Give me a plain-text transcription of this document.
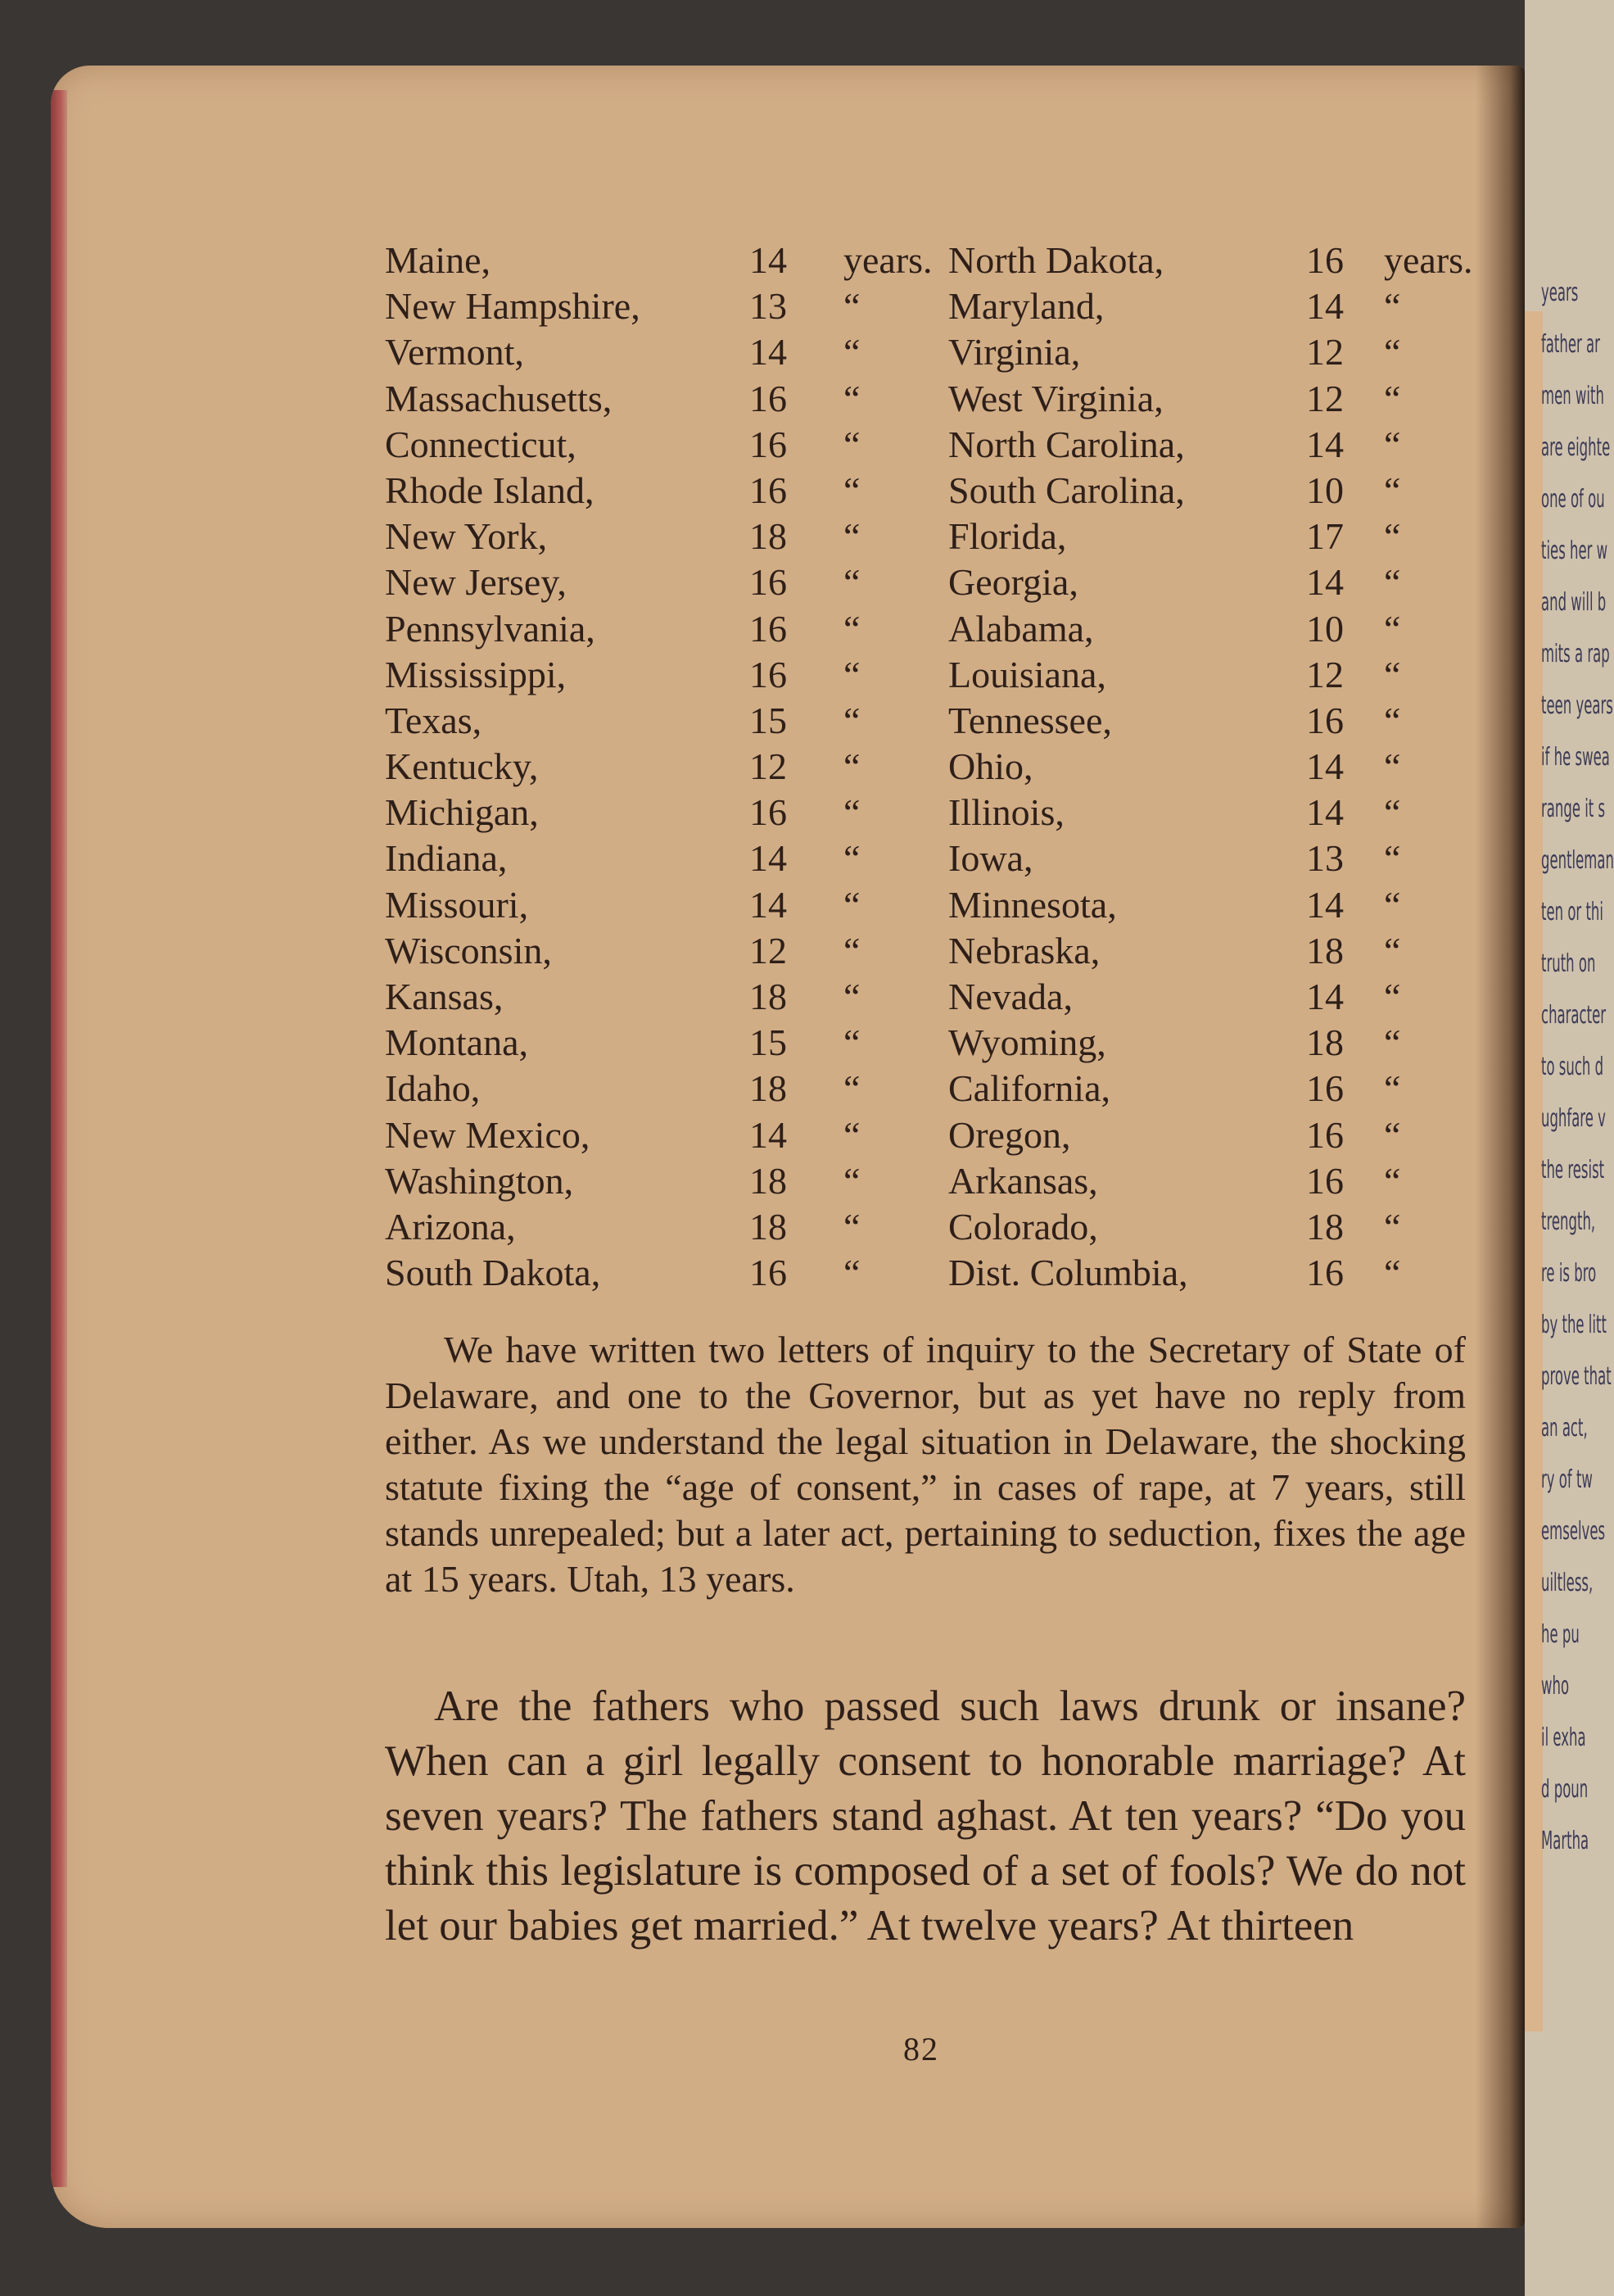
years
father ar
men with
are eighte
one of ou
ties her w
and will b
mits a rap
teen years
if he swea
range it s
gentleman
ten or thi
truth on
character
to such d
ughfare v
the resist
trength,
re is bro
by the litt
prove that
an act,
ry of tw
emselves
uiltless,
he pu
who
il exha
d poun
Martha
Maine,	14 years. North Dakota,	16 years.
New Hampshire,	13 “ Maryland,	14 “
Vermont,	14 “ Virginia,	12 “
Massachusetts,	16 “ West Virginia,	12 “
Connecticut,	16 “ North Carolina,	14 “
Rhode Island,	16 “ South Carolina,	10 “
New York,	18 “ Florida,	17 “
New Jersey,	16 “ Georgia,	14 “
Pennsylvania,	16 “ Alabama,	10 “
Mississippi,	16 “ Louisiana,	12 “
Texas,	15 “ Tennessee,	16 “
Kentucky,	12 “ Ohio,	14 “
Michigan,	16 “ Illinois,	14 “
Indiana,	14 “ Iowa,	13 “
Missouri,	14 “ Minnesota,	14 “
Wisconsin,	12 “ Nebraska,	18 “
Kansas,	18 “ Nevada,	14 “
Montana,	15 “ Wyoming,	18 “
Idaho,	18 “ California,	16 “
New Mexico,	14 “ Oregon,	16 “
Washington,	18 “ Arkansas,	16 “
Arizona,	18 “ Colorado,	18 “
South Dakota,	16 “ Dist. Columbia,	16 “
We have written two letters of inquiry to the Secretary of State of Delaware, and one to the Governor, but as yet have no reply from either. As we understand the legal situation in Delaware, the shocking statute fixing the “age of consent,” in cases of rape, at 7 years, still stands unrepealed; but a later act, pertaining to seduction, fixes the age at 15 years. Utah, 13 years.
Are the fathers who passed such laws drunk or insane? When can a girl legally consent to honorable marriage? At seven years? The fathers stand aghast. At ten years? “Do you think this legislature is composed of a set of fools? We do not let our babies get married.” At twelve years? At thirteen
82
